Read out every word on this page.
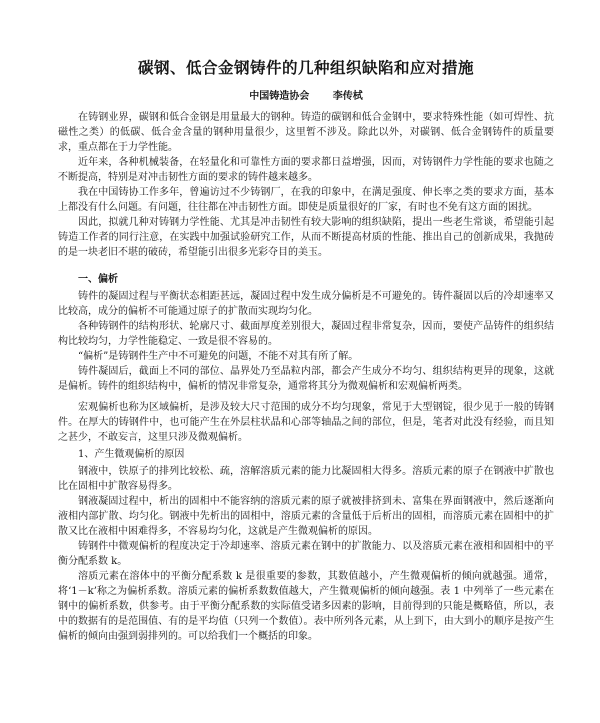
碳钢、低合金钢铸件的几种组织缺陷和应对措施
中国铸造协会 李传栻

在铸钢业界，碳钢和低合金钢是用量最大的钢种。铸造的碳钢和低合金钢中，要求特殊性能（如可焊性、抗磁性之类）的低碳、低合金含量的钢种用量很少，这里暂不涉及。除此以外，对碳钢、低合金钢铸件的质量要求，重点都在于力学性能。

近年来，各种机械装备，在轻量化和可靠性方面的要求都日益增强，因而，对铸钢件力学性能的要求也随之不断提高，特别是对冲击韧性方面的要求的铸件越来越多。

我在中国铸协工作多年，曾遍访过不少铸钢厂，在我的印象中，在满足强度、伸长率之类的要求方面，基本上都没有什么问题。有问题，往往都在冲击韧性方面。即使是质量很好的厂家，有时也不免有这方面的困扰。

因此，拟就几种对铸钢力学性能、尤其是冲击韧性有较大影响的组织缺陷，提出一些老生常谈，希望能引起铸造工作者的同行注意，在实践中加强试验研究工作，从而不断提高材质的性能、推出自己的创新成果，我抛砖的是一块老旧不堪的破砖，希望能引出很多光彩夺目的美玉。

一、偏析

铸件的凝固过程与平衡状态相距甚远，凝固过程中发生成分偏析是不可避免的。铸件凝固以后的冷却速率又比较高，成分的偏析不可能通过原子的扩散而实现均匀化。

各种铸钢件的结构形状、轮廓尺寸、截面厚度差别很大，凝固过程非常复杂，因而，要使产品铸件的组织结构比较均匀，力学性能稳定、一致是很不容易的。

“偏析”是铸钢件生产中不可避免的问题，不能不对其有所了解。

铸件凝固后，截面上不同的部位、晶界处乃至晶粒内部，都会产生成分不均匀、组织结构更异的现象，这就是偏析。铸件的组织结构中，偏析的情况非常复杂，通常将其分为微观偏析和宏观偏析两类。

宏观偏析也称为区域偏析，是涉及较大尺寸范围的成分不均匀现象，常见于大型钢锭，很少见于一般的铸钢件。在厚大的铸钢件中，也可能产生在外层柱状晶和心部等轴晶之间的部位，但是，笔者对此没有经验，而且知之甚少，不敢妄言，这里只涉及微观偏析。

1、产生微观偏析的原因

钢液中，铁原子的排列比较松、疏，溶解溶质元素的能力比凝固相大得多。溶质元素的原子在钢液中扩散也比在固相中扩散容易得多。

钢液凝固过程中，析出的固相中不能容纳的溶质元素的原子就被排挤到未、富集在界面钢液中，然后逐渐向液相内部扩散、均匀化。钢液中先析出的固相中，溶质元素的含量低于后析出的固相，而溶质元素在固相中的扩散又比在液相中困难得多，不容易均匀化，这就是产生微观偏析的原因。

铸钢件中微观偏析的程度决定于冷却速率、溶质元素在钢中的扩散能力、以及溶质元素在液相和固相中的平衡分配系数 k。

溶质元素在溶体中的平衡分配系数 k 是很重要的参数，其数值越小，产生微观偏析的倾向就越强。通常，将‘1－k’称之为偏析系数。溶质元素的偏析系数数值越大，产生微观偏析的倾向越强。表 1 中列举了一些元素在钢中的偏析系数，供参考。由于平衡分配系数的实际值受诸多因素的影响，目前得到的只能是概略值，所以，表中的数据有的是范围值、有的是平均值（只列一个数值）。表中所列各元素，从上到下，由大到小的顺序是按产生偏析的倾向由强到弱排列的。可以给我们一个概括的印象。
